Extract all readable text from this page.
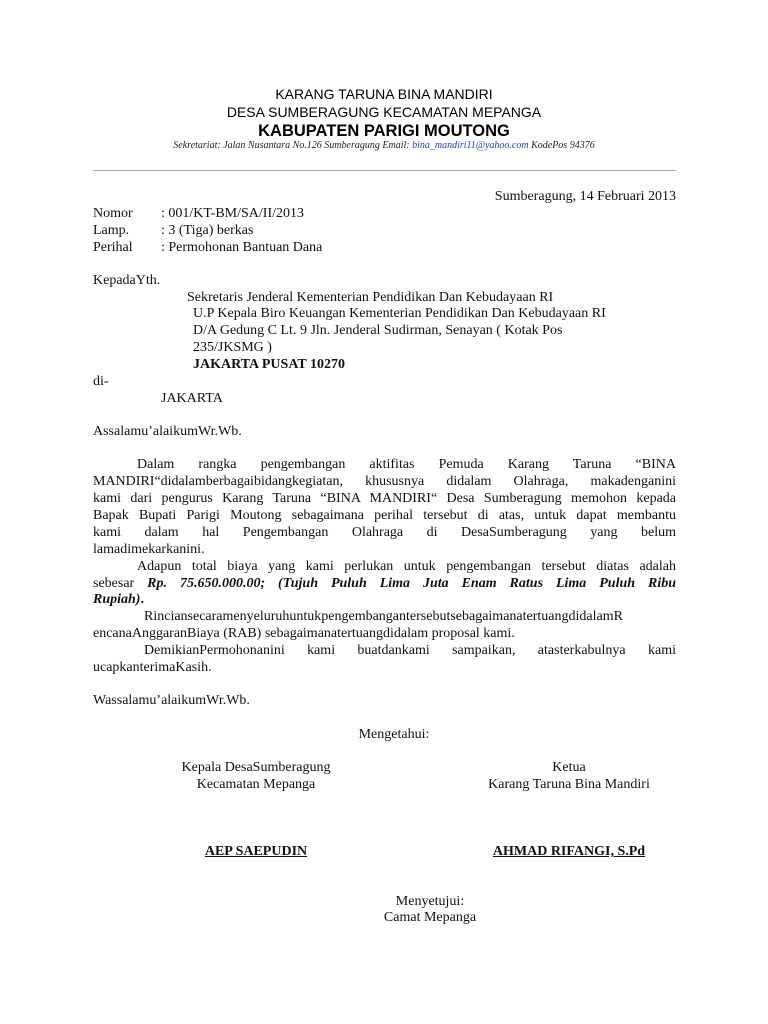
KARANG TARUNA BINA MANDIRI
DESA SUMBERAGUNG KECAMATAN MEPANGA
KABUPATEN PARIGI MOUTONG
Sekretariat: Jalan Nusantara No.126 Sumberagung Email: bina_mandiri11@yahoo.com KodePos 94376
Sumberagung, 14 Februari 2013
Nomor : 001/KT-BM/SA/II/2013
Lamp. : 3 (Tiga) berkas
Perihal : Permohonan Bantuan Dana
KepadaYth.
Sekretaris Jenderal Kementerian Pendidikan Dan Kebudayaan RI
U.P Kepala Biro Keuangan Kementerian Pendidikan Dan Kebudayaan RI
D/A Gedung C Lt. 9 Jln. Jenderal Sudirman, Senayan ( Kotak Pos
235/JKSMG )
JAKARTA PUSAT 10270
di-
JAKARTA
Assalamu’alaikumWr.Wb.
Dalam rangka pengembangan aktifitas Pemuda Karang Taruna “BINA
MANDIRI“didalamberbagaibidangkegiatan, khususnya didalam Olahraga, makadenganini
kami dari pengurus Karang Taruna “BINA MANDIRI“ Desa Sumberagung memohon kepada
Bapak Bupati Parigi Moutong sebagaimana perihal tersebut di atas, untuk dapat membantu
kami dalam hal Pengembangan Olahraga di DesaSumberagung yang belum
lamadimekarkanini.
Adapun total biaya yang kami perlukan untuk pengembangan tersebut diatas adalah
sebesar Rp. 75.650.000.00; (Tujuh Puluh Lima Juta Enam Ratus Lima Puluh Ribu
Rupiah).
RinciansecaramenyeluruhuntukpengembangantersebutsebagaimanatertuangdidalamR
encanaAnggaranBiaya (RAB) sebagaimanatertuangdidalam proposal kami.
DemikianPermohonanini kami buatdankami sampaikan, atasterkabulnya kami
ucapkanterimaKasih.
Wassalamu’alaikumWr.Wb.
Mengetahui:
Kepala DesaSumberagung
Kecamatan Mepanga
Ketua
Karang Taruna Bina Mandiri
AEP SAEPUDIN	AHMAD RIFANGI, S.Pd
Menyetujui:
Camat Mepanga
